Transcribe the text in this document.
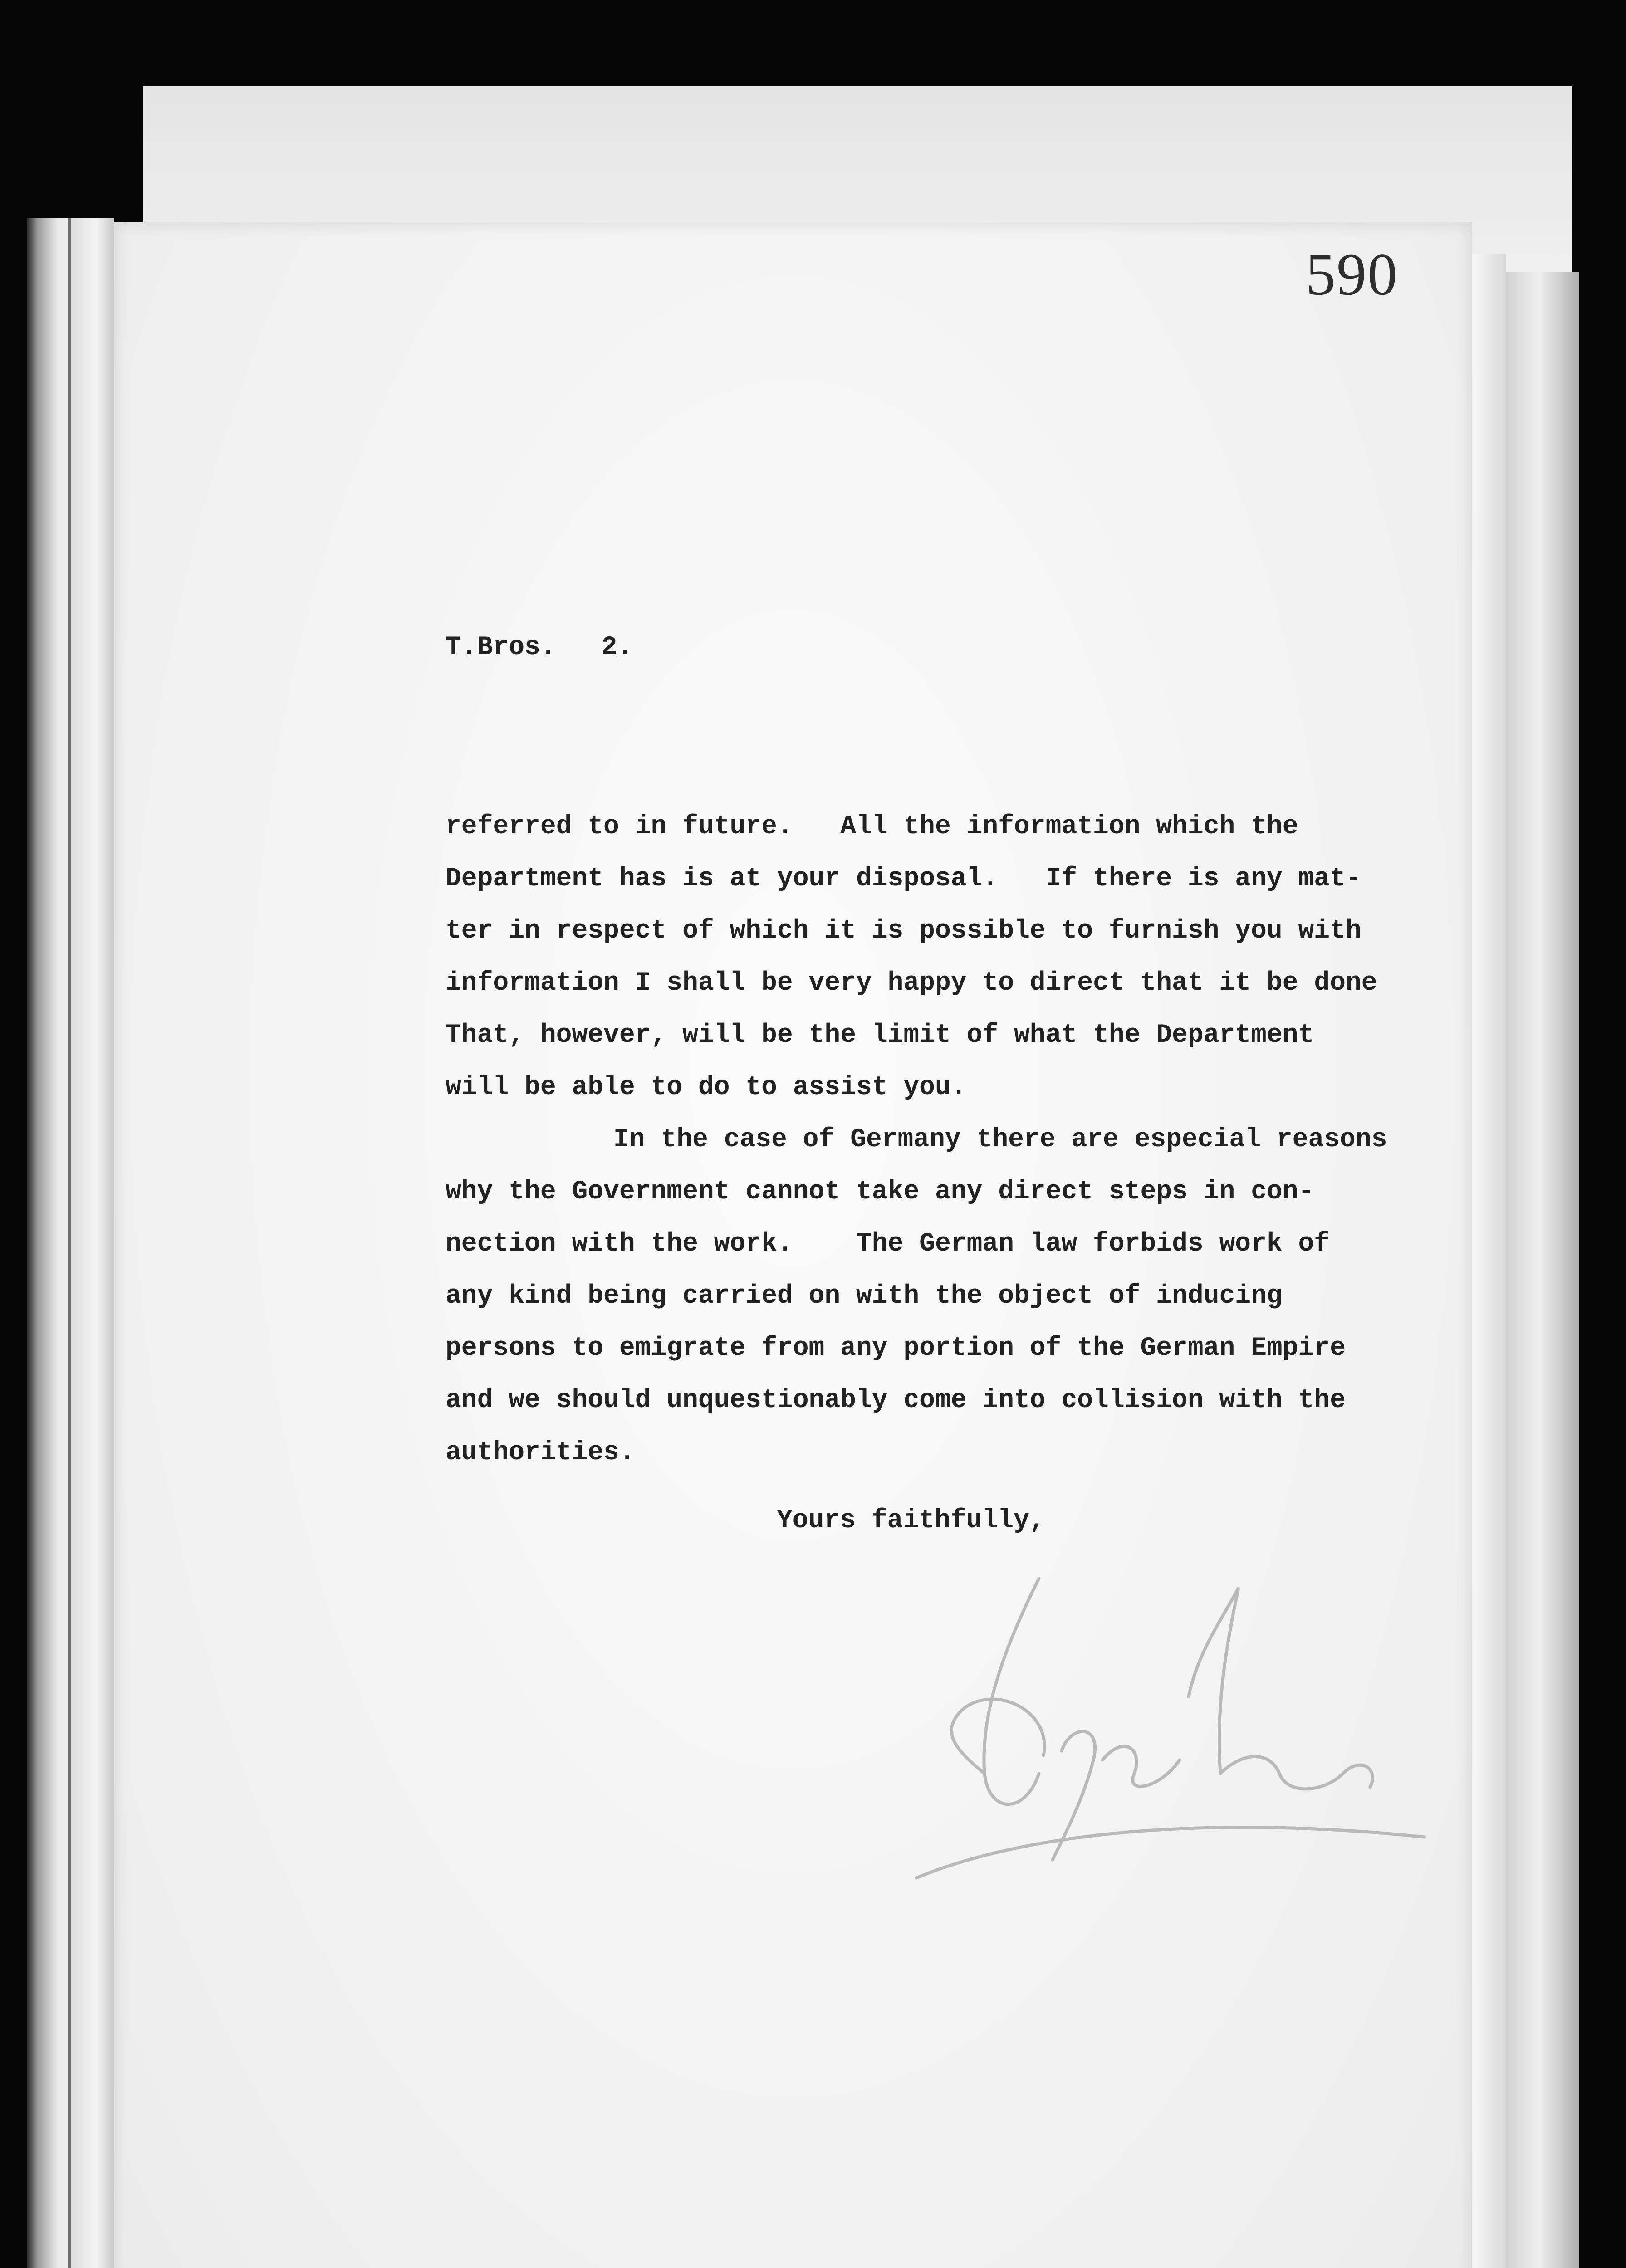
590
T.Bros. 2.
referred to in future.   All the information which the
Department has is at your disposal.   If there is any mat-
ter in respect of which it is possible to furnish you with
information I shall be very happy to direct that it be done
That, however, will be the limit of what the Department
will be able to do to assist you.
In the case of Germany there are especial reasons
why the Government cannot take any direct steps in con-
nection with the work.    The German law forbids work of
any kind being carried on with the object of inducing
persons to emigrate from any portion of the German Empire
and we should unquestionably come into collision with the
authorities.
Yours faithfully,
